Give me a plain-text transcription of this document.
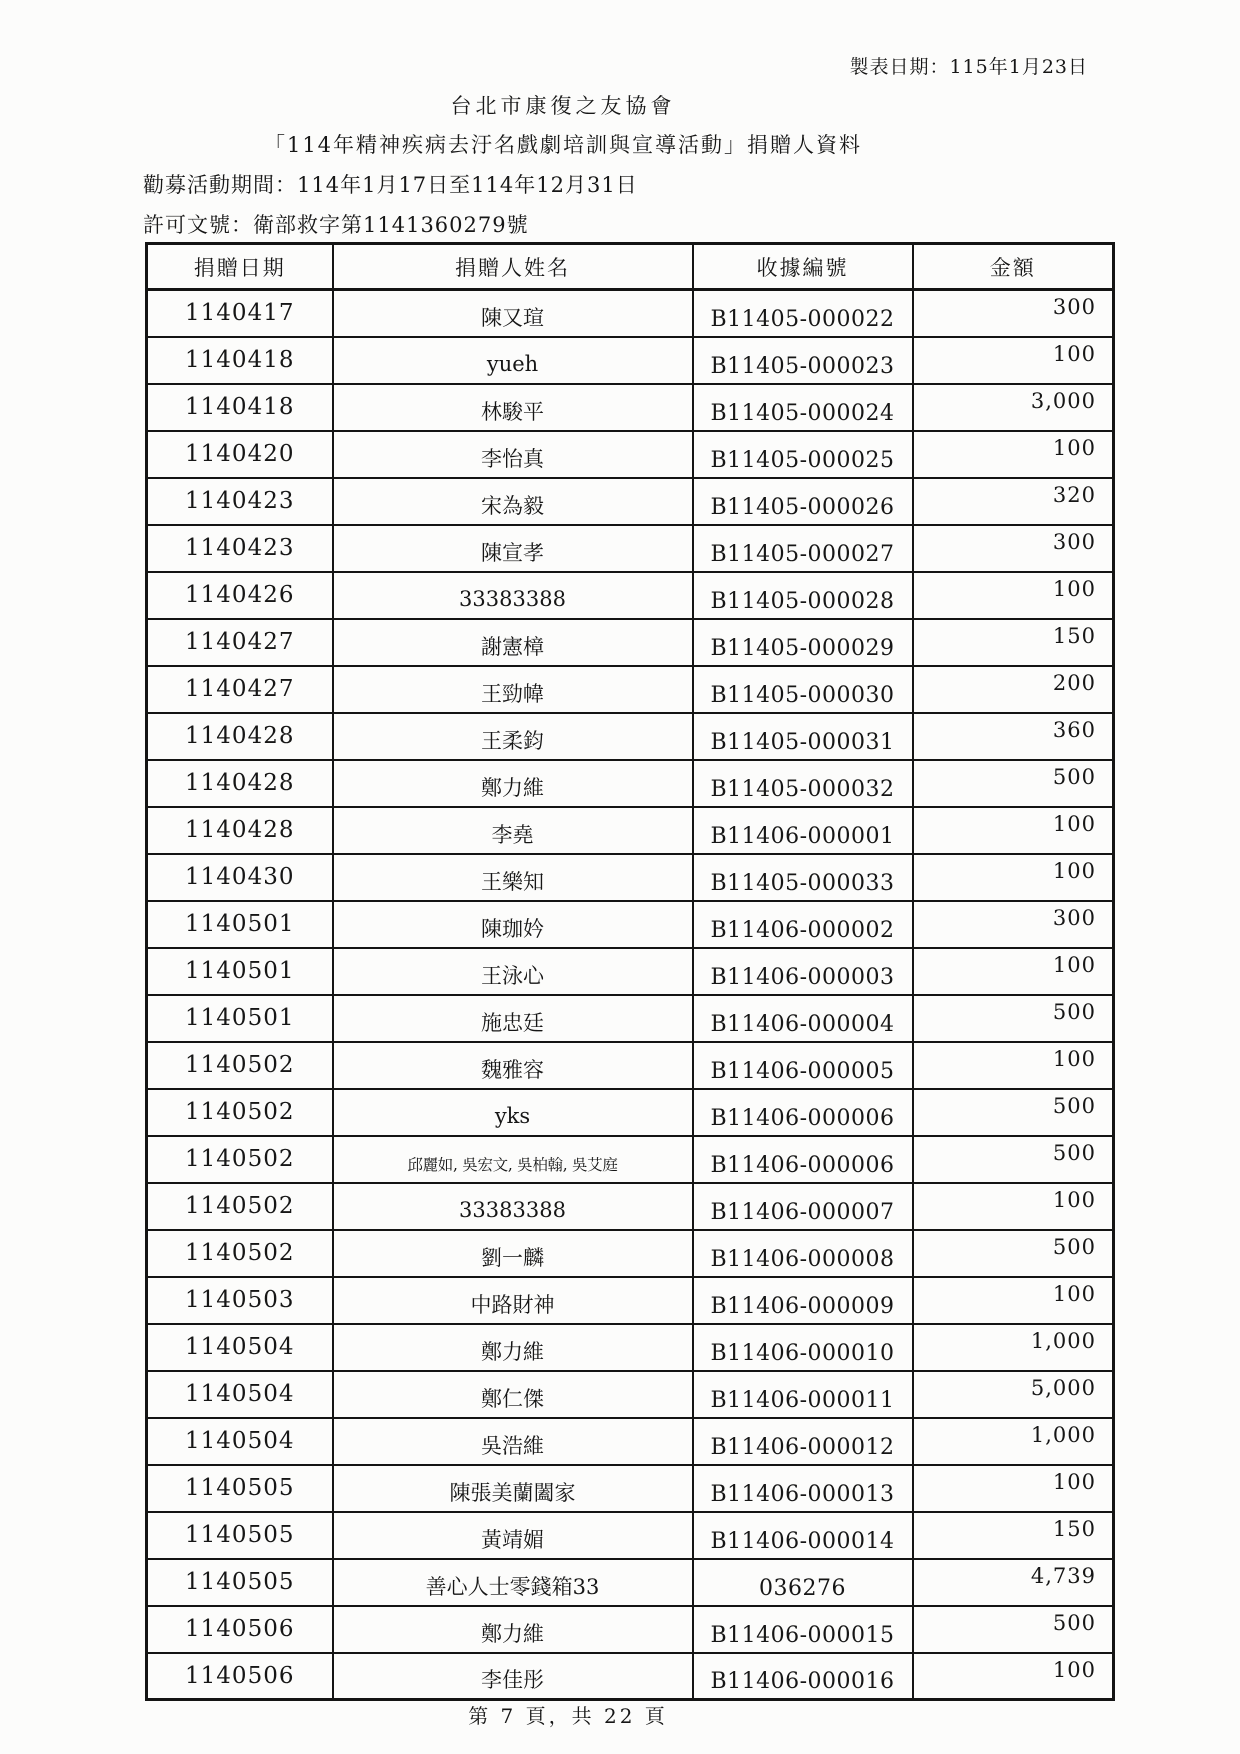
製表日期：115年1月23日
台北市康復之友協會
「114年精神疾病去汙名戲劇培訓與宣導活動」捐贈人資料
勸募活動期間：114年1月17日至114年12月31日
許可文號：衛部救字第1141360279號
捐贈日期	捐贈人姓名	收據編號	金額
1140417	陳又瑄	B11405-000022	300
1140418	yueh	B11405-000023	100
1140418	林駿平	B11405-000024	3,000
1140420	李怡真	B11405-000025	100
1140423	宋為毅	B11405-000026	320
1140423	陳宣孝	B11405-000027	300
1140426	33383388	B11405-000028	100
1140427	謝憲樟	B11405-000029	150
1140427	王勁幃	B11405-000030	200
1140428	王柔鈞	B11405-000031	360
1140428	鄭力維	B11405-000032	500
1140428	李堯	B11406-000001	100
1140430	王樂知	B11405-000033	100
1140501	陳珈妗	B11406-000002	300
1140501	王泳心	B11406-000003	100
1140501	施忠廷	B11406-000004	500
1140502	魏雅容	B11406-000005	100
1140502	yks	B11406-000006	500
1140502	邱麗如, 吳宏文, 吳柏翰, 吳艾庭	B11406-000006	500
1140502	33383388	B11406-000007	100
1140502	劉一麟	B11406-000008	500
1140503	中路財神	B11406-000009	100
1140504	鄭力維	B11406-000010	1,000
1140504	鄭仁傑	B11406-000011	5,000
1140504	吳浩維	B11406-000012	1,000
1140505	陳張美蘭闔家	B11406-000013	100
1140505	黃靖媚	B11406-000014	150
1140505	善心人士零錢箱33	036276	4,739
1140506	鄭力維	B11406-000015	500
1140506	李佳彤	B11406-000016	100
第 7 頁，共 22 頁
